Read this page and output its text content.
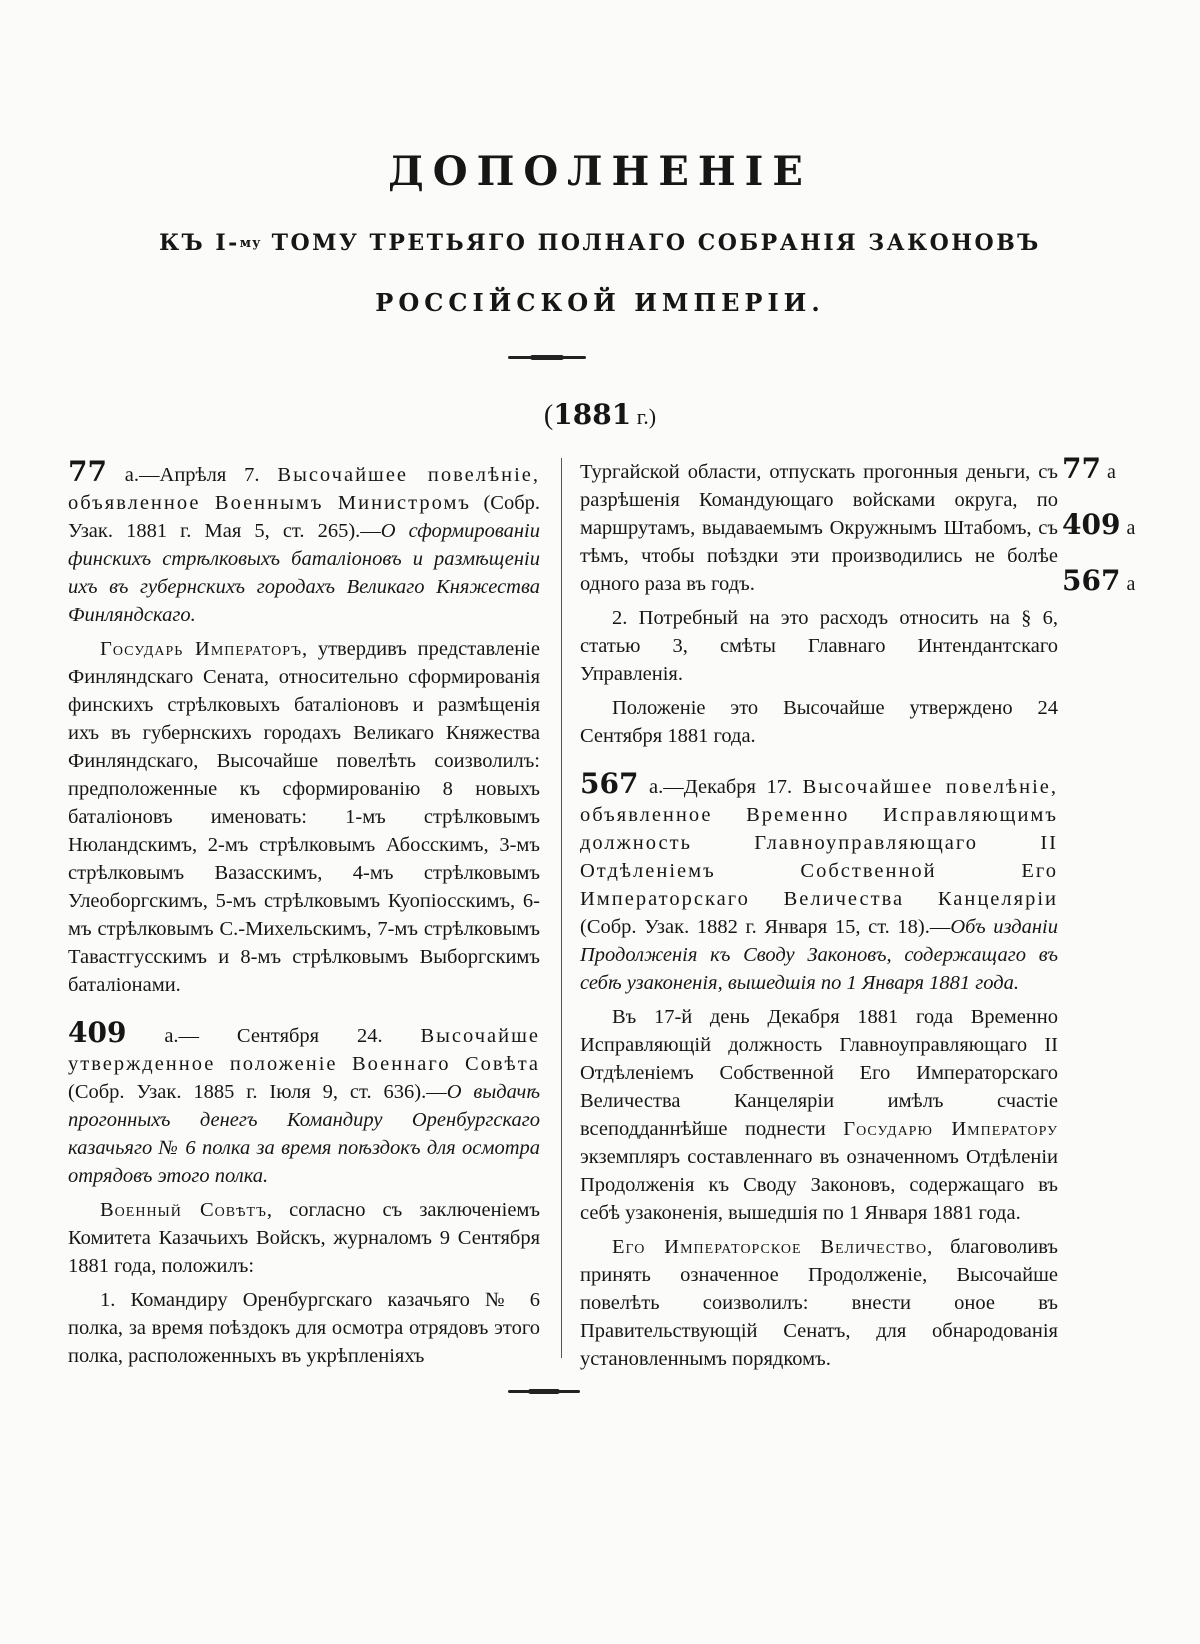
ДОПОЛНЕНІЕ
КЪ I-$^{му}$ ТОМУ ТРЕТЬЯГО ПОЛНАГО СОБРАНІЯ ЗАКОНОВЪ
РОССІЙСКОЙ ИМПЕРІИ.
(1881 г.)

77 а.—Апрѣля 7. Высочайшее повелѣніе, объявленное Военнымъ Министромъ (Собр. Узак. 1881 г. Мая 5, ст. 265).—О сформированіи финскихъ стрѣлковыхъ баталіоновъ и размѣщеніи ихъ въ губернскихъ городахъ Великаго Княжества Финляндскаго.

Государь Императоръ, утвердивъ представленіе Финляндскаго Сената, относительно сформированія финскихъ стрѣлковыхъ баталіоновъ и размѣщенія ихъ въ губернскихъ городахъ Великаго Княжества Финляндскаго, Высочайше повелѣть соизволилъ: предположенные къ сформированію 8 новыхъ баталіоновъ именовать: 1-мъ стрѣлковымъ Нюландскимъ, 2-мъ стрѣлковымъ Абосскимъ, 3-мъ стрѣлковымъ Вазасскимъ, 4-мъ стрѣлковымъ Улеоборгскимъ, 5-мъ стрѣлковымъ Куопіосскимъ, 6-мъ стрѣлковымъ С.-Михельскимъ, 7-мъ стрѣлковымъ Тавастгусскимъ и 8-мъ стрѣлковымъ Выборгскимъ баталіонами.

409 а.— Сентября 24. Высочайше утвержденное положеніе Военнаго Совѣта (Собр. Узак. 1885 г. Іюля 9, ст. 636).—О выдачѣ прогонныхъ денегъ Командиру Оренбургскаго казачьяго № 6 полка за время поѣздокъ для осмотра отрядовъ этого полка.

Военный Совѣтъ, согласно съ заключеніемъ Комитета Казачьихъ Войскъ, журналомъ 9 Сентября 1881 года, положилъ:

1. Командиру Оренбургскаго казачьяго № 6 полка, за время поѣздокъ для осмотра отрядовъ этого полка, расположенныхъ въ укрѣпленіяхъ

Тургайской области, отпускать прогонныя деньги, съ разрѣшенія Командующаго войсками округа, по маршрутамъ, выдаваемымъ Окружнымъ Штабомъ, съ тѣмъ, чтобы поѣздки эти производились не болѣе одного раза въ годъ.

2. Потребный на это расходъ относить на § 6, статью 3, смѣты Главнаго Интендантскаго Управленія.

Положеніе это Высочайше утверждено 24 Сентября 1881 года.

567 а.—Декабря 17. Высочайшее повелѣніе, объявленное Временно Исправляющимъ должность Главноуправляющаго II Отдѣленіемъ Собственной Его Императорскаго Величества Канцеляріи (Собр. Узак. 1882 г. Января 15, ст. 18).—Объ изданіи Продолженія къ Своду Законовъ, содержащаго въ себѣ узаконенія, вышедшія по 1 Января 1881 года.

Въ 17-й день Декабря 1881 года Временно Исправляющій должность Главноуправляющаго II Отдѣленіемъ Собственной Его Императорскаго Величества Канцеляріи имѣлъ счастіе всеподданнѣйше поднести Государю Императору экземпляръ составленнаго въ означенномъ Отдѣленіи Продолженія къ Своду Законовъ, содержащаго въ себѣ узаконенія, вышедшія по 1 Января 1881 года.

Его Императорское Величество, благоволивъ принять означенное Продолженіе, Высочайше повелѣть соизволилъ: внести оное въ Правительствующій Сенатъ, для обнародованія установленнымъ порядкомъ.

77 а
409 а
567 а
